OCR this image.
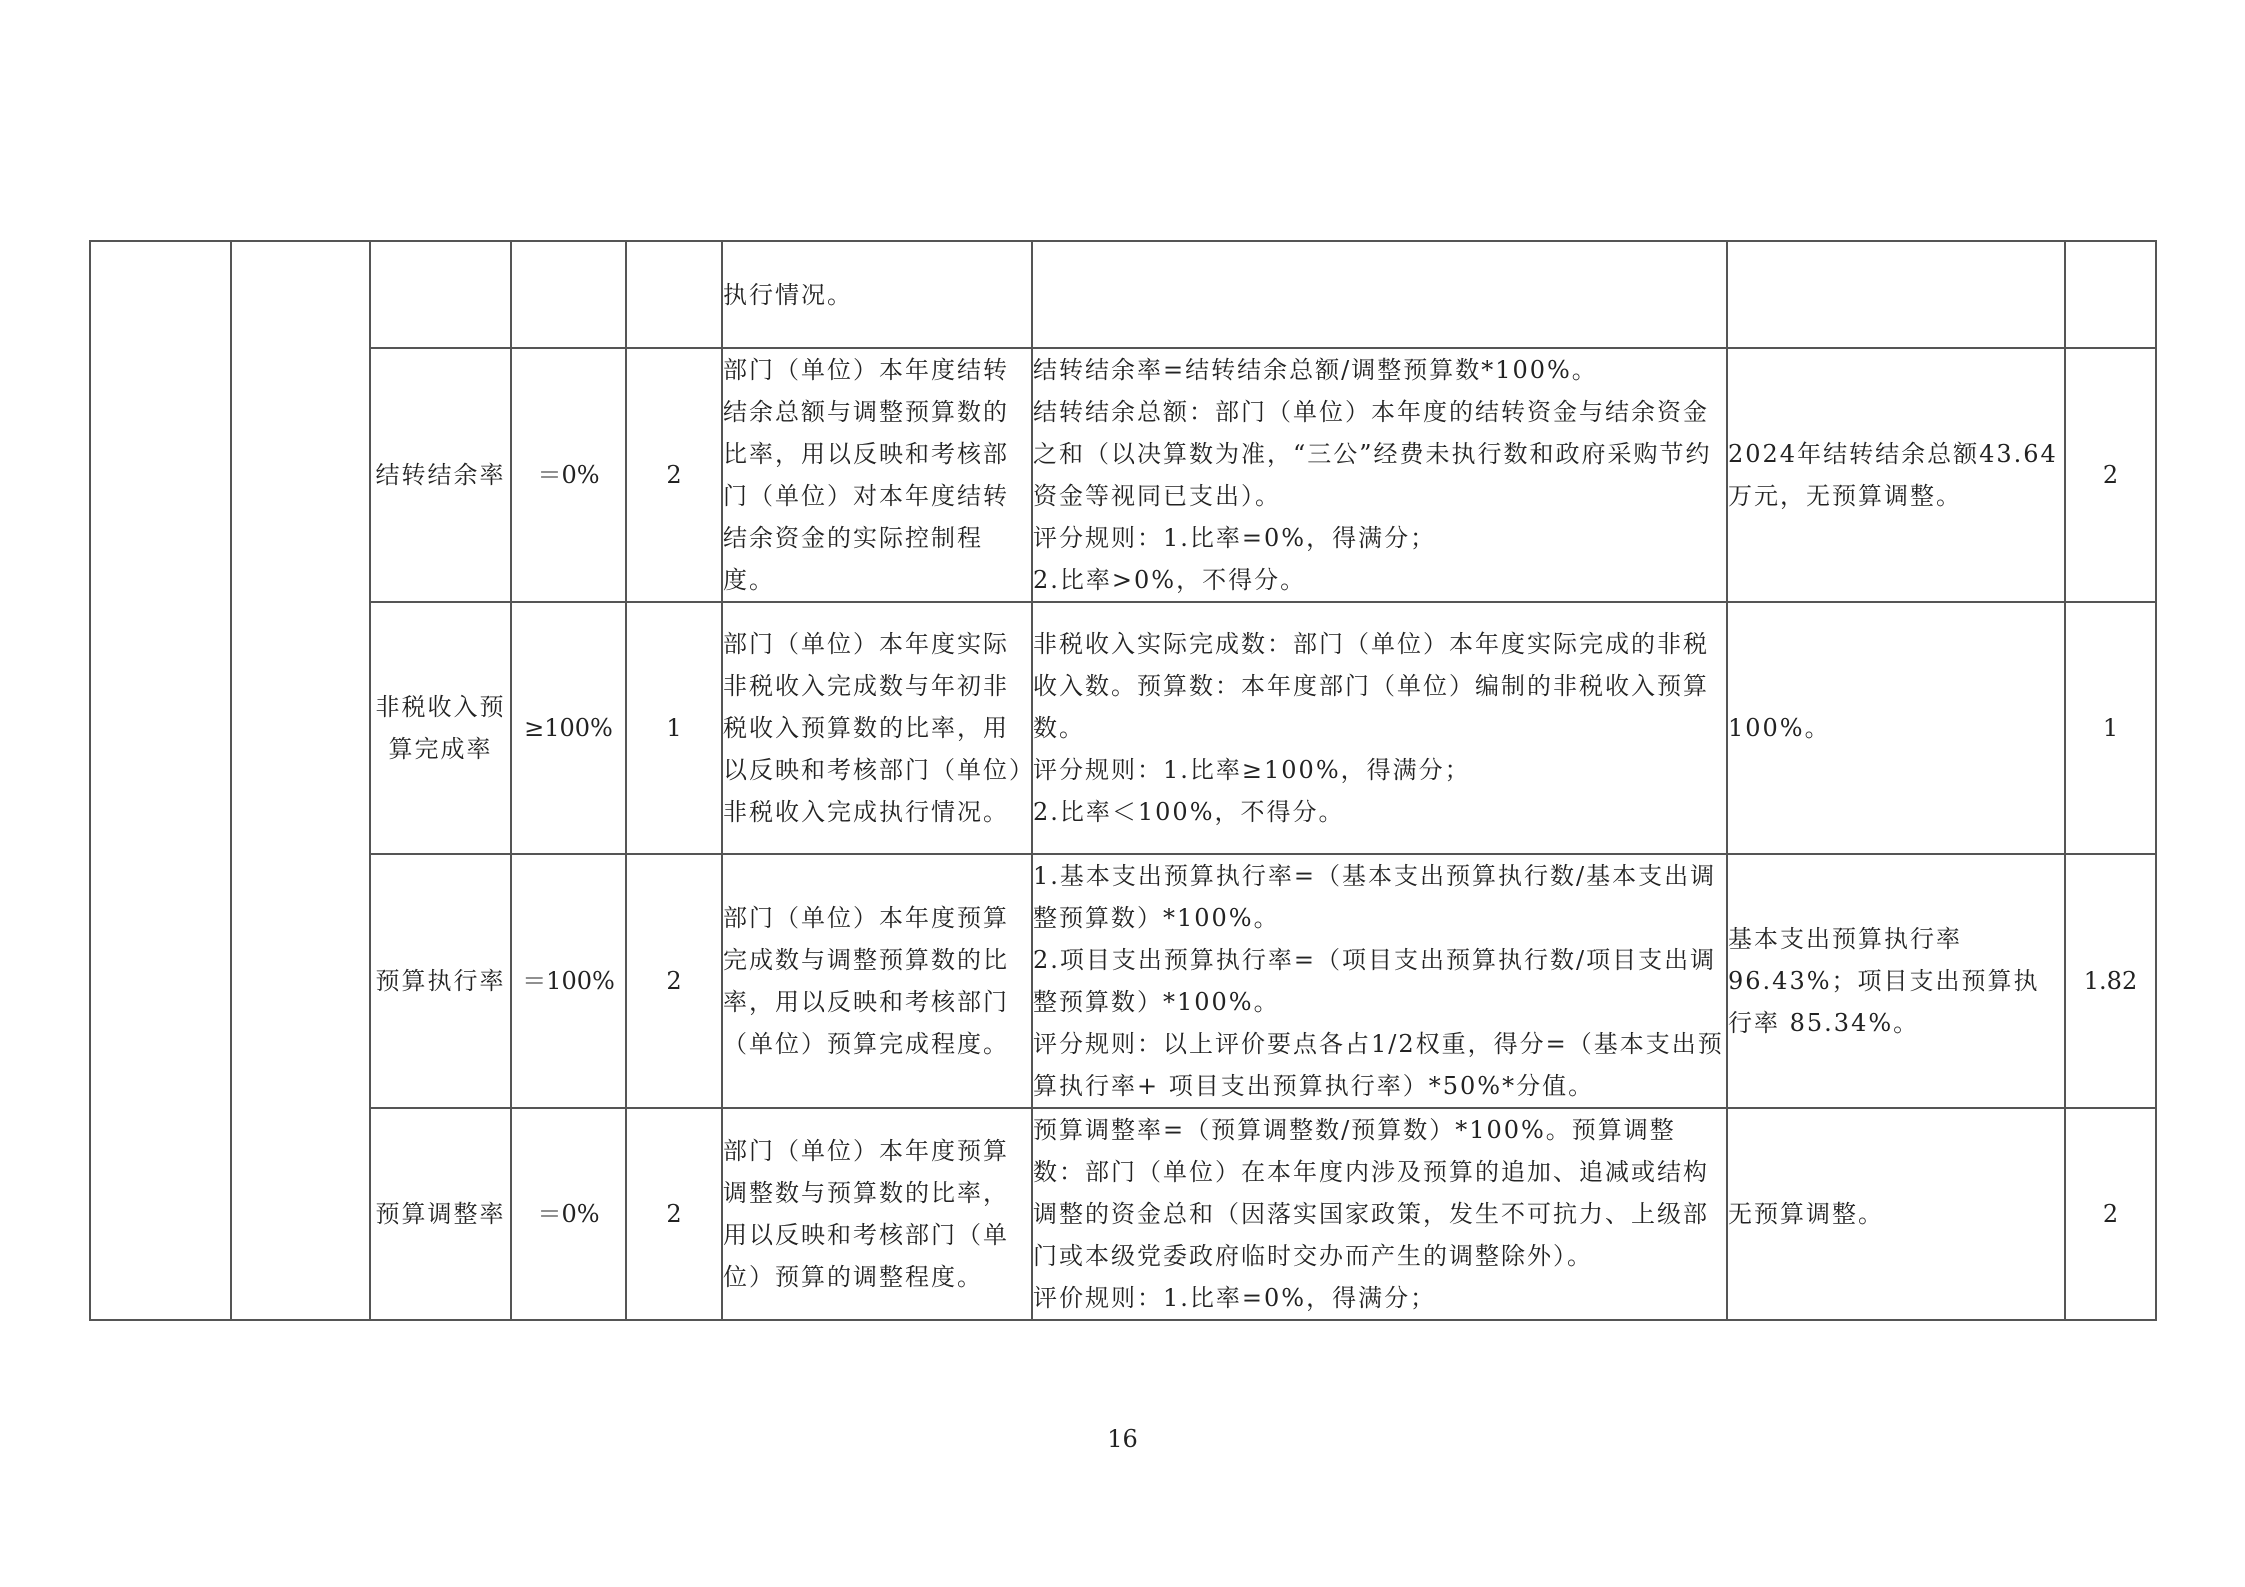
					执行情况。			
		结转结余率	＝0%	2	部门（单位）本年度结转结余总额与调整预算数的比率，用以反映和考核部门（单位）对本年度结转结余资金的实际控制程度。	结转结余率=结转结余总额/调整预算数*100%。
结转结余总额：部门（单位）本年度的结转资金与结余资金之和（以决算数为准，“三公”经费未执行数和政府采购节约资金等视同已支出）。
评分规则：1.比率=0%，得满分；
2.比率>0%，不得分。	2024年结转结余总额43.64万元，无预算调整。	2
		非税收入预算完成率	≥100%	1	部门（单位）本年度实际非税收入完成数与年初非税收入预算数的比率，用以反映和考核部门（单位）非税收入完成执行情况。	非税收入实际完成数：部门（单位）本年度实际完成的非税收入数。预算数：本年度部门（单位）编制的非税收入预算数。
评分规则：1.比率≥100%，得满分；
2.比率＜100%，不得分。	100%。	1
		预算执行率	＝100%	2	部门（单位）本年度预算完成数与调整预算数的比率，用以反映和考核部门（单位）预算完成程度。	1.基本支出预算执行率=（基本支出预算执行数/基本支出调整预算数）*100%。
2.项目支出预算执行率=（项目支出预算执行数/项目支出调整预算数）*100%。
评分规则：以上评价要点各占1/2权重，得分=（基本支出预算执行率+ 项目支出预算执行率）*50%*分值。	基本支出预算执行率96.43%；项目支出预算执行率 85.34%。	1.82
		预算调整率	＝0%	2	部门（单位）本年度预算调整数与预算数的比率，用以反映和考核部门（单位）预算的调整程度。	预算调整率=（预算调整数/预算数）*100%。预算调整数：部门（单位）在本年度内涉及预算的追加、追减或结构调整的资金总和（因落实国家政策，发生不可抗力、上级部门或本级党委政府临时交办而产生的调整除外）。
评价规则：1.比率=0%，得满分；	无预算调整。	2
16
